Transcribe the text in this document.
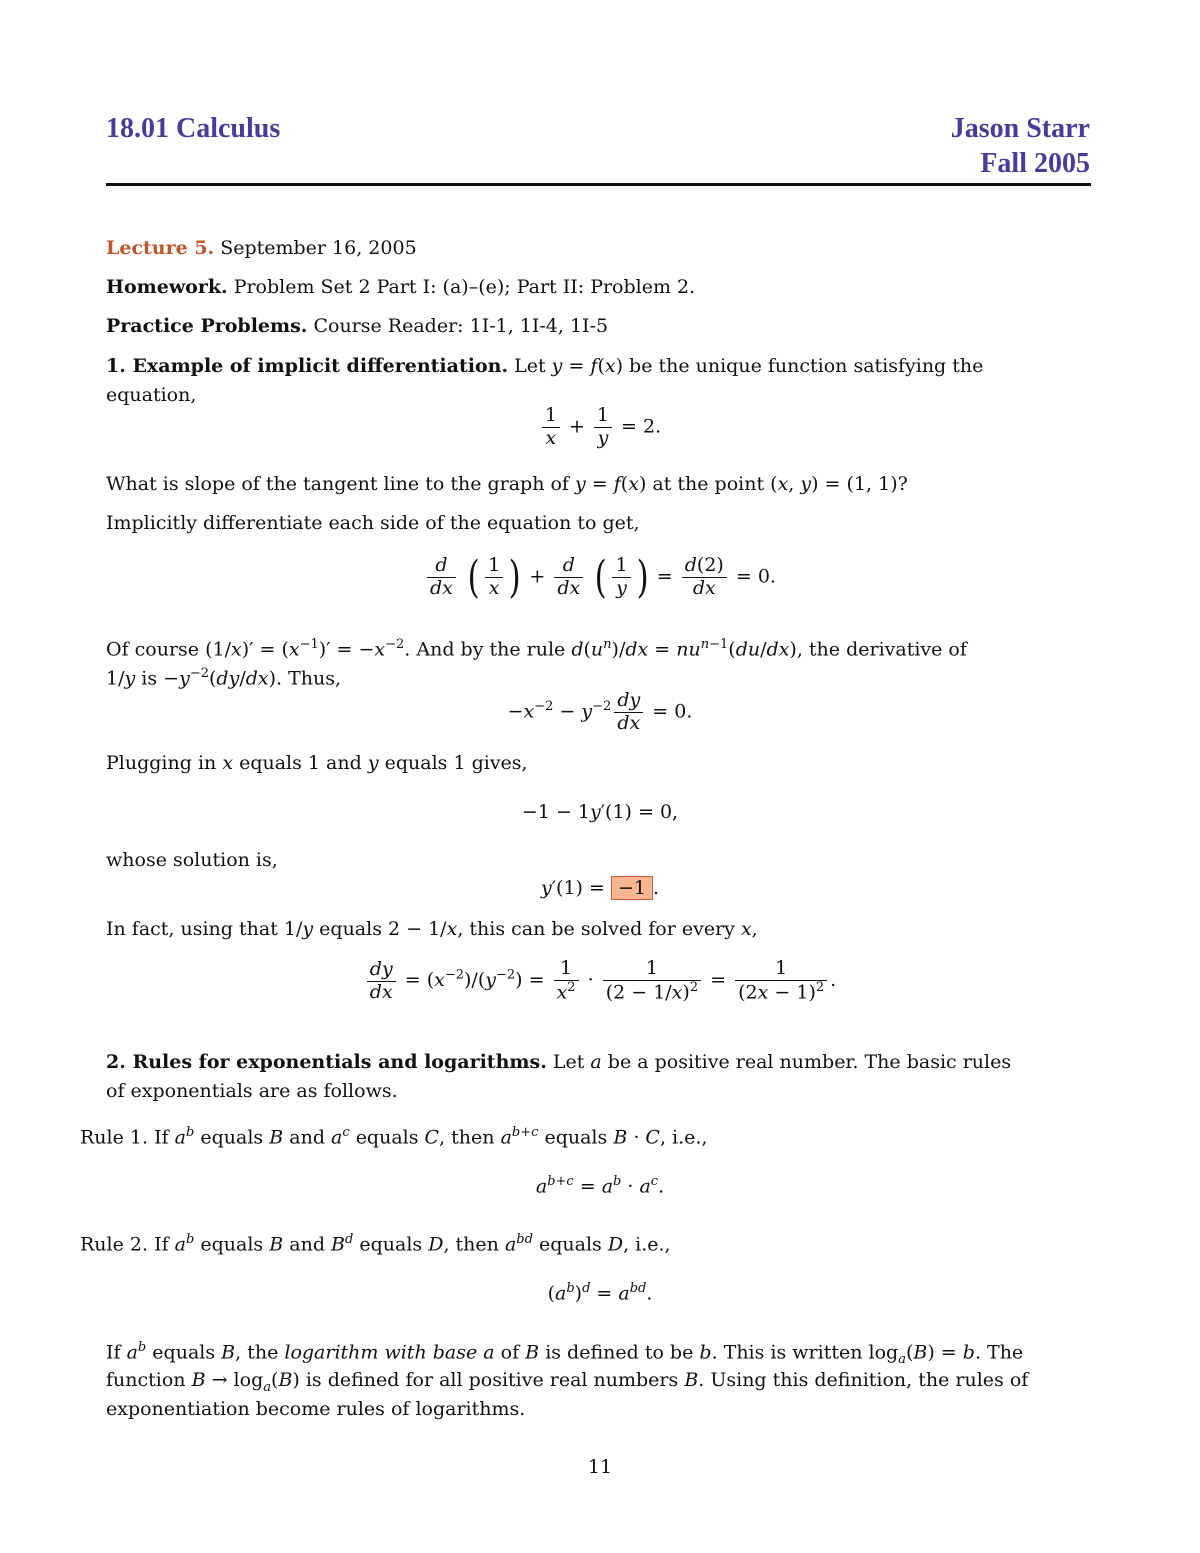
18.01 Calculus	Jason Starr
Fall 2005
Lecture 5. September 16, 2005
Homework. Problem Set 2 Part I: (a)–(e); Part II: Problem 2.
Practice Problems. Course Reader: 1I-1, 1I-4, 1I-5
1. Example of implicit differentiation. Let y = f(x) be the unique function satisfying the
equation,
$\frac{1}{x} + \frac{1}{y} = 2$.
What is slope of the tangent line to the graph of y = f(x) at the point (x, y) = (1, 1)?
Implicitly differentiate each side of the equation to get,
$\frac{d}{dx}$ ( $\frac{1}{x}$ ) + $\frac{d}{dx}$ ( $\frac{1}{y}$ ) = $\frac{d(2)}{dx} = 0$.
Of course $(1/x)' = (x^{-1})' = -x^{-2}$. And by the rule $d(u^n)/dx = nu^{n-1}(du/dx)$, the derivative of
1/y is $-y^{-2}(dy/dx)$. Thus,
$-x^{-2} - y^{-2} \frac{dy}{dx} = 0$.
Plugging in x equals 1 and y equals 1 gives,
−1 − 1y′(1) = 0,
whose solution is,
y′(1) = −1 .
In fact, using that 1/y equals 2 − 1/x, this can be solved for every x,
$\frac{dy}{dx} = (x^{-2})/(y^{-2}) = \frac{1}{x^2} \cdot \frac{1}{(2 - 1/x)^2} = \frac{1}{(2x - 1)^2}$ .
2. Rules for exponentials and logarithms. Let a be a positive real number. The basic rules
of exponentials are as follows.
Rule 1. If $a^b$ equals B and $a^c$ equals C, then $a^{b+c}$ equals B · C, i.e.,
$a^{b+c} = a^b \cdot a^c$.
Rule 2. If $a^b$ equals B and $B^d$ equals D, then $a^{bd}$ equals D, i.e.,
$(a^b)^d = a^{bd}$.
If $a^b$ equals B, the logarithm with base a of B is defined to be b. This is written $\log_a(B) = b$. The
function $B \to \log_a(B)$ is defined for all positive real numbers B. Using this definition, the rules of
exponentiation become rules of logarithms.
11
